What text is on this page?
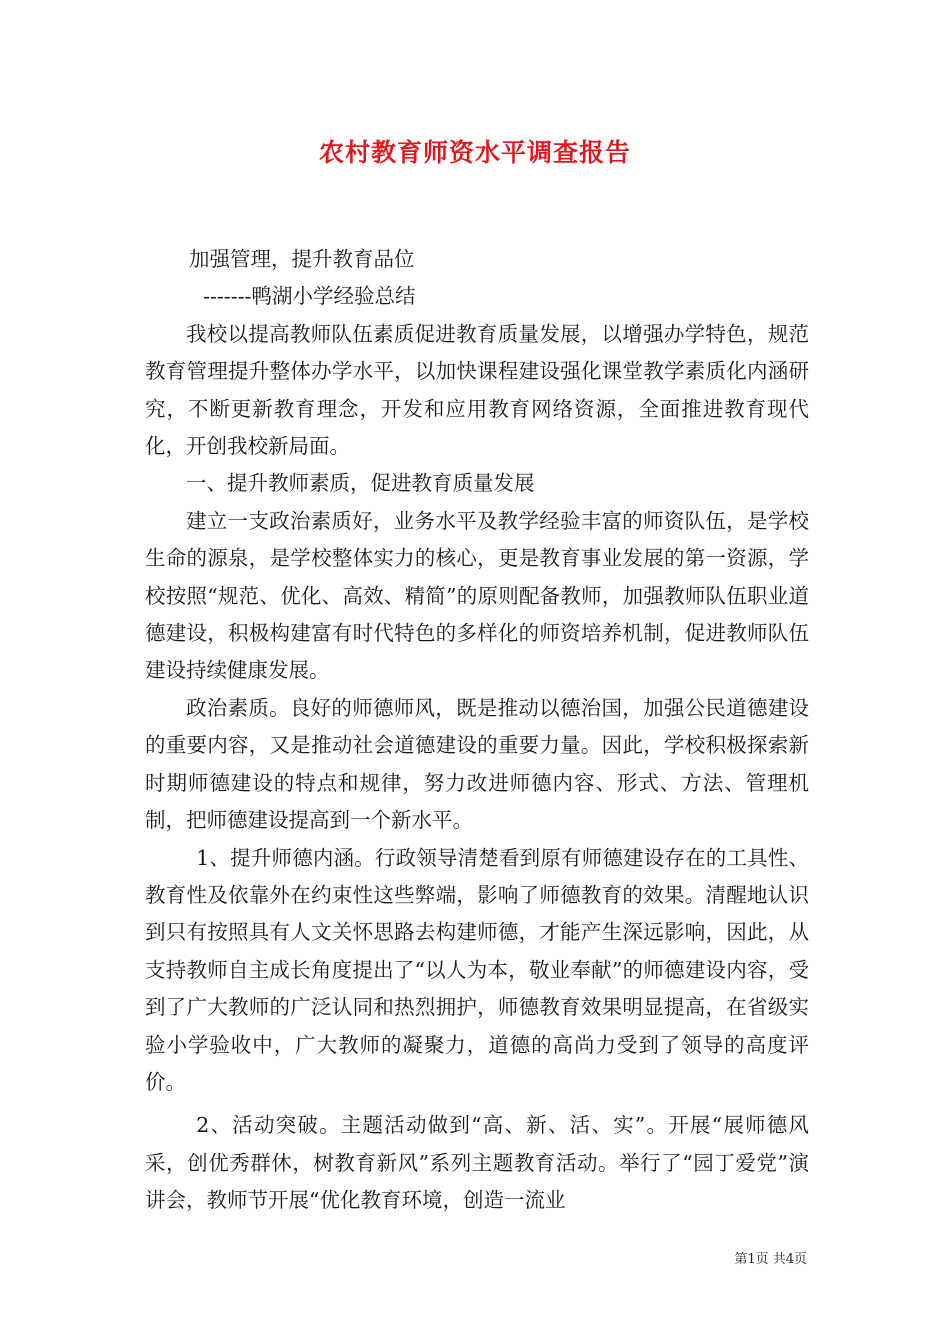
农村教育师资水平调查报告

加强管理，提升教育品位

-------鸭湖小学经验总结

我校以提高教师队伍素质促进教育质量发展，以增强办学特色，规范教育管理提升整体办学水平，以加快课程建设强化课堂教学素质化内涵研究，不断更新教育理念，开发和应用教育网络资源，全面推进教育现代化，开创我校新局面。

一、提升教师素质，促进教育质量发展

建立一支政治素质好，业务水平及教学经验丰富的师资队伍，是学校生命的源泉，是学校整体实力的核心，更是教育事业发展的第一资源，学校按照“规范、优化、高效、精简”的原则配备教师，加强教师队伍职业道德建设，积极构建富有时代特色的多样化的师资培养机制，促进教师队伍建设持续健康发展。

政治素质。良好的师德师风，既是推动以德治国，加强公民道德建设的重要内容，又是推动社会道德建设的重要力量。因此，学校积极探索新时期师德建设的特点和规律，努力改进师德内容、形式、方法、管理机制，把师德建设提高到一个新水平。

1、提升师德内涵。行政领导清楚看到原有师德建设存在的工具性、教育性及依靠外在约束性这些弊端，影响了师德教育的效果。清醒地认识到只有按照具有人文关怀思路去构建师德，才能产生深远影响，因此，从支持教师自主成长角度提出了“以人为本，敬业奉献”的师德建设内容，受到了广大教师的广泛认同和热烈拥护，师德教育效果明显提高，在省级实验小学验收中，广大教师的凝聚力，道德的高尚力受到了领导的高度评价。

2、活动突破。主题活动做到“高、新、活、实”。开展“展师德风采，创优秀群休，树教育新风”系列主题教育活动。举行了“园丁爱党”演讲会，教师节开展“优化教育环境，创造一流业

第1页 共4页
